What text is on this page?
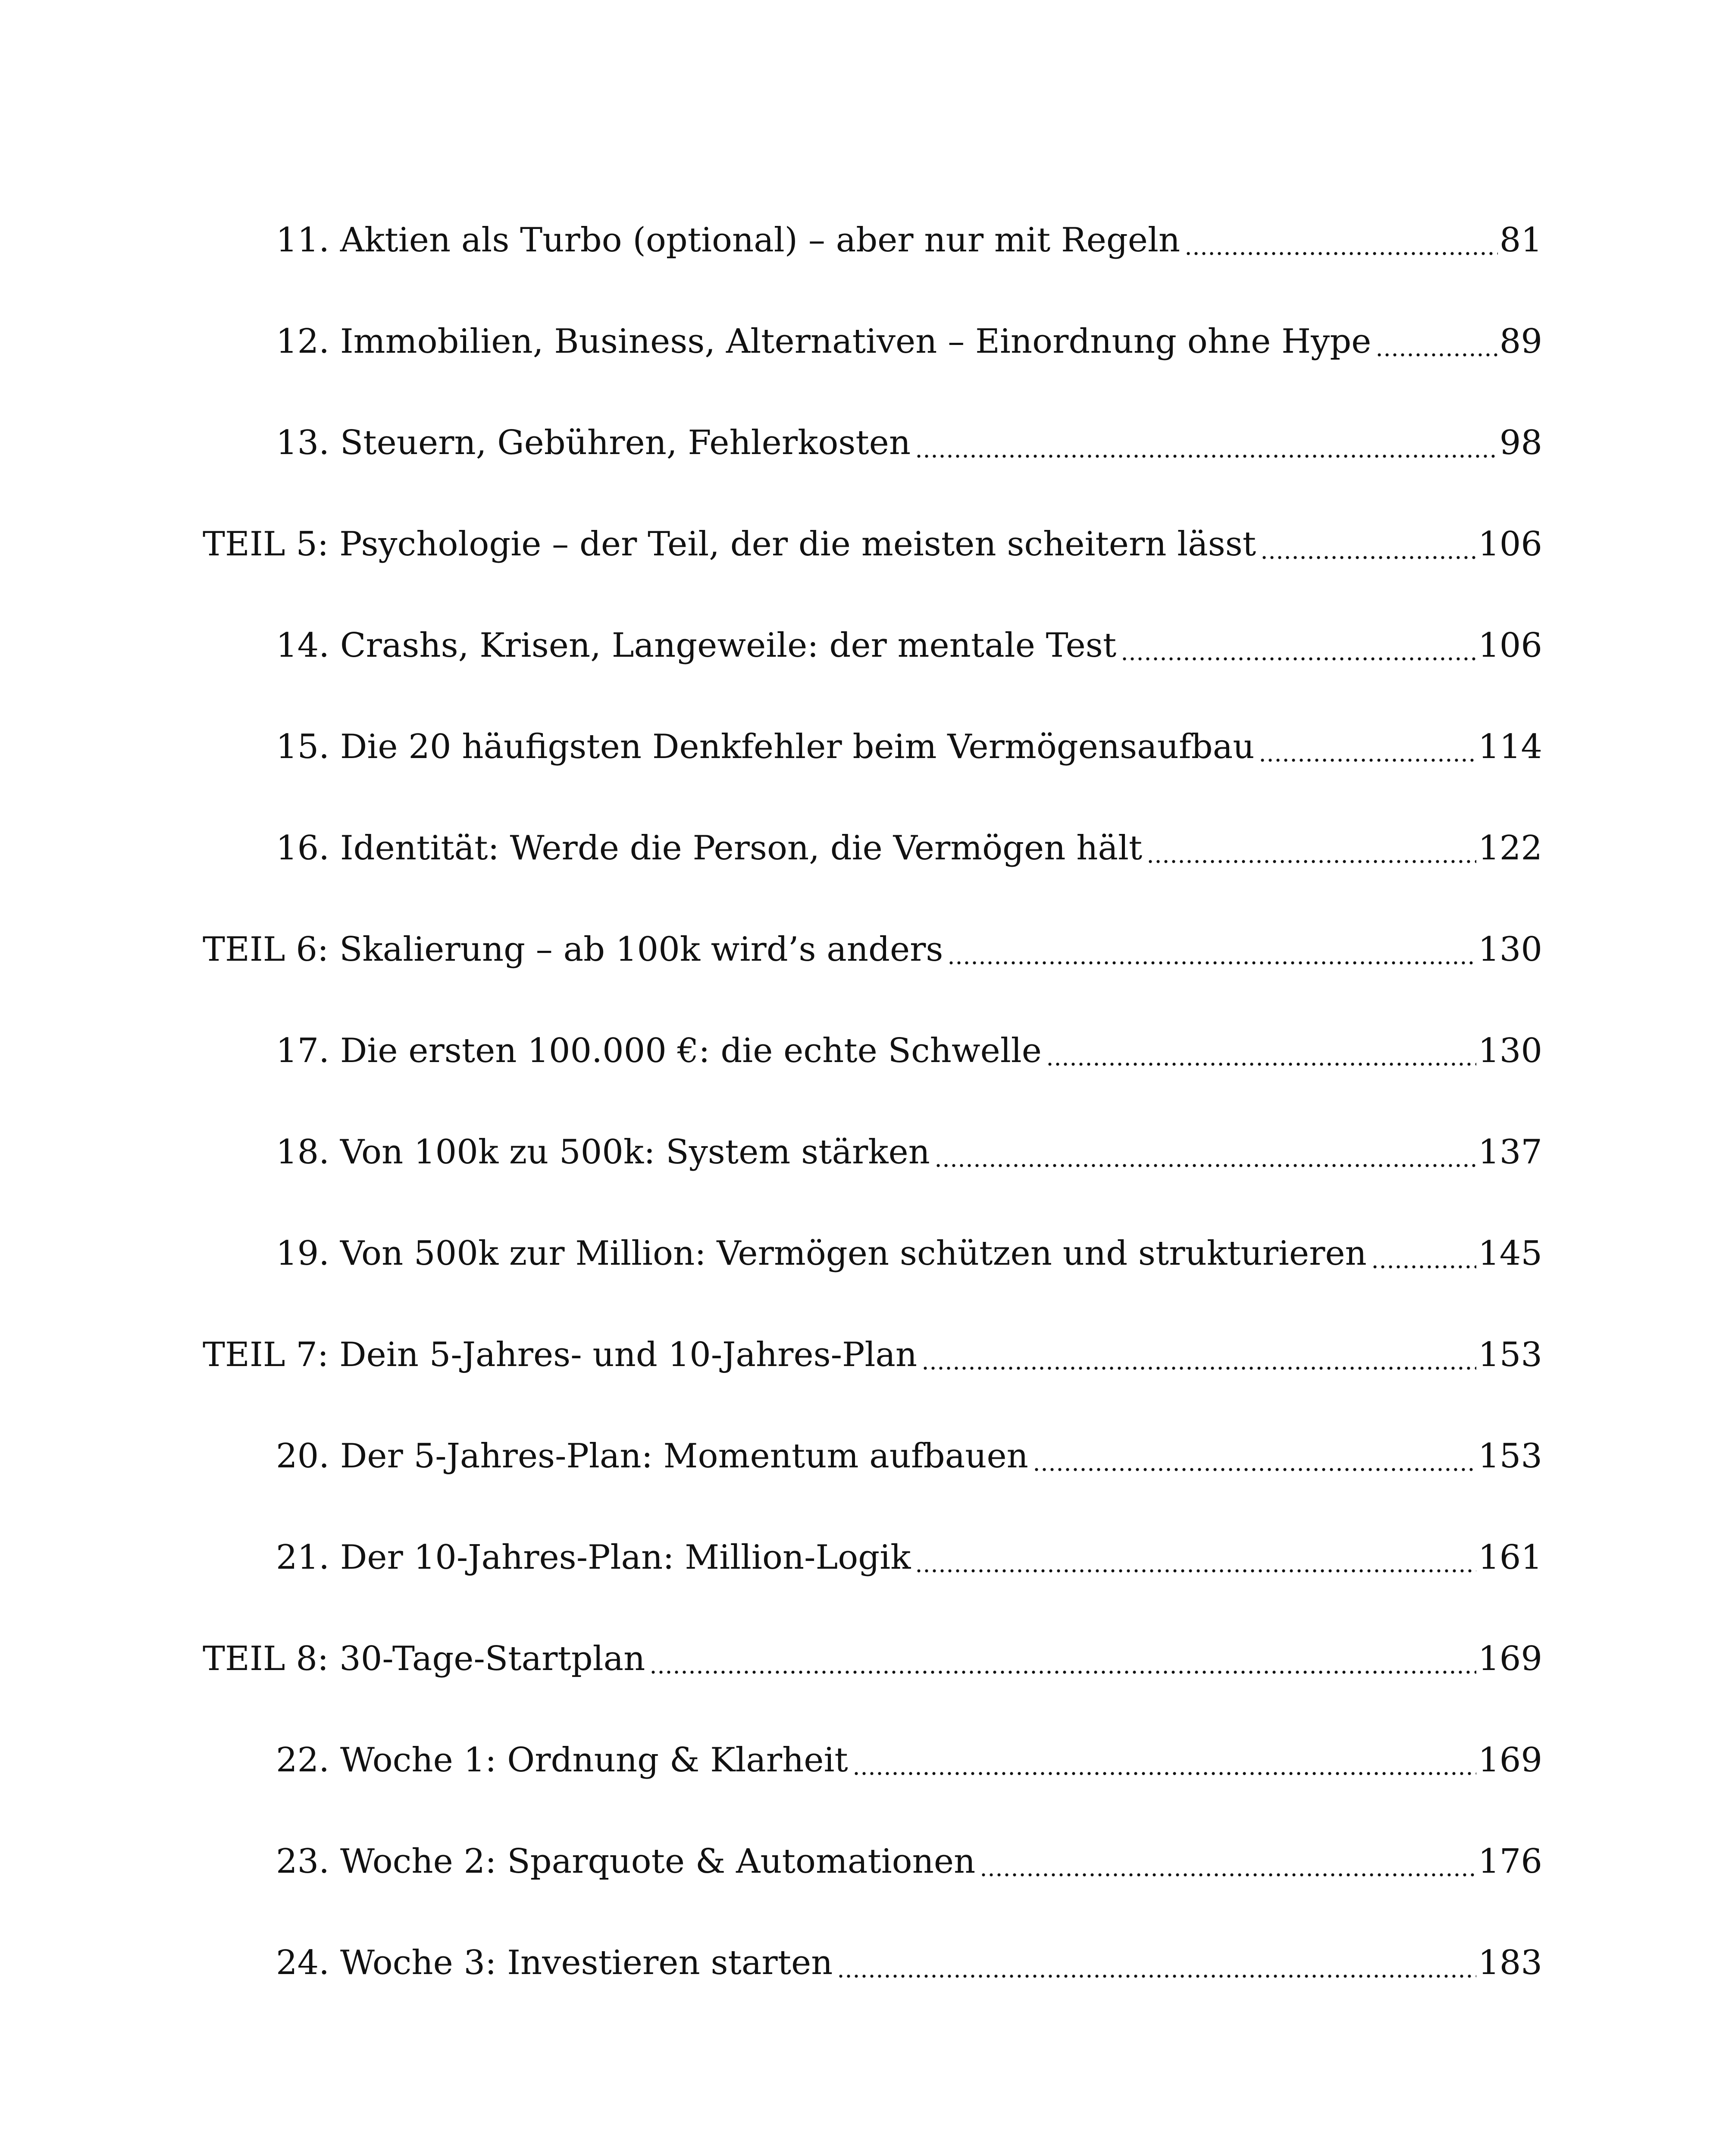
11. Aktien als Turbo (optional) – aber nur mit Regeln	81
12. Immobilien, Business, Alternativen – Einordnung ohne Hype	89
13. Steuern, Gebühren, Fehlerkosten	98
TEIL 5: Psychologie – der Teil, der die meisten scheitern lässt	106
14. Crashs, Krisen, Langeweile: der mentale Test	106
15. Die 20 häufigsten Denkfehler beim Vermögensaufbau	114
16. Identität: Werde die Person, die Vermögen hält	122
TEIL 6: Skalierung – ab 100k wird’s anders	130
17. Die ersten 100.000 €: die echte Schwelle	130
18. Von 100k zu 500k: System stärken	137
19. Von 500k zur Million: Vermögen schützen und strukturieren	145
TEIL 7: Dein 5-Jahres- und 10-Jahres-Plan	153
20. Der 5-Jahres-Plan: Momentum aufbauen	153
21. Der 10-Jahres-Plan: Million-Logik	161
TEIL 8: 30-Tage-Startplan	169
22. Woche 1: Ordnung & Klarheit	169
23. Woche 2: Sparquote & Automationen	176
24. Woche 3: Investieren starten	183
